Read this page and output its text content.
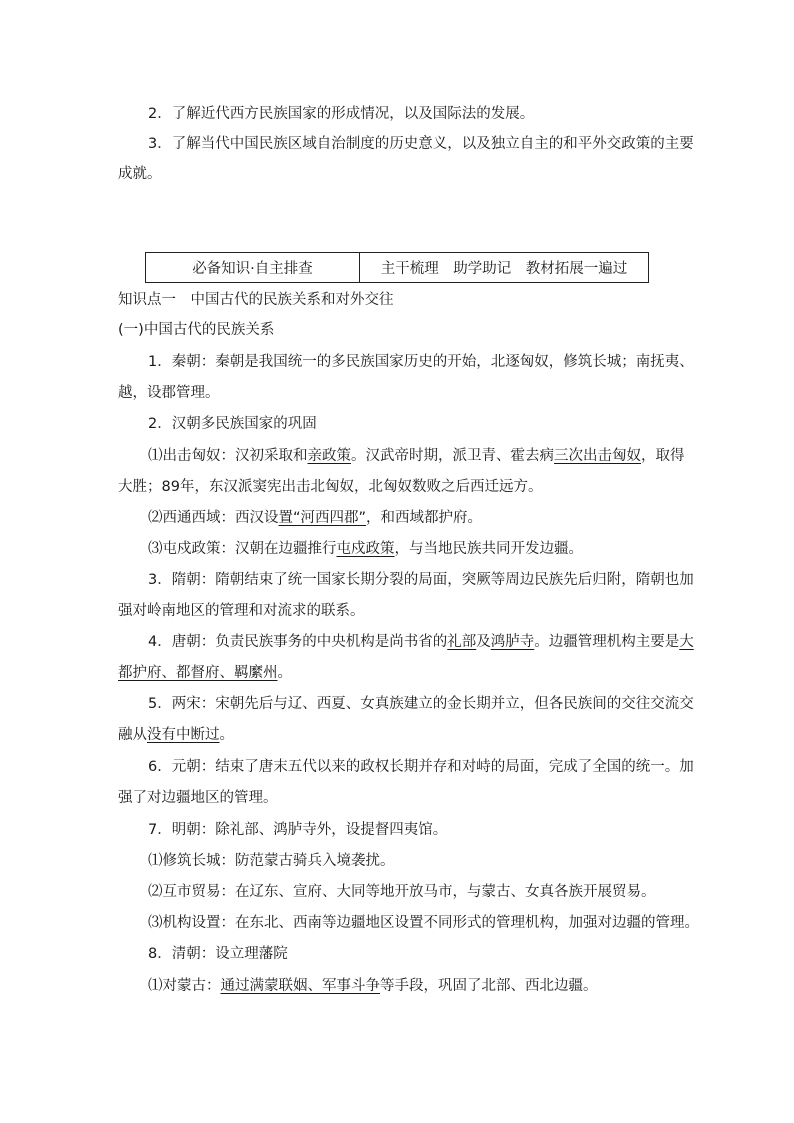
2．了解近代西方民族国家的形成情况，以及国际法的发展。
3．了解当代中国民族区域自治制度的历史意义，以及独立自主的和平外交政策的主要
成就。
必备知识·自主排查	主干梳理　助学助记　教材拓展一遍过
知识点一　中国古代的民族关系和对外交往
(一)中国古代的民族关系
1．秦朝：秦朝是我国统一的多民族国家历史的开始，北逐匈奴，修筑长城；南抚夷、
越，设郡管理。
2．汉朝多民族国家的巩固
⑴出击匈奴：汉初采取和亲政策。汉武帝时期，派卫青、霍去病三次出击匈奴，取得
大胜；89年，东汉派窦宪出击北匈奴，北匈奴数败之后西迁远方。
⑵西通西域：西汉设置“河西四郡”，和西域都护府。
⑶屯戍政策：汉朝在边疆推行屯戍政策，与当地民族共同开发边疆。
3．隋朝：隋朝结束了统一国家长期分裂的局面，突厥等周边民族先后归附，隋朝也加
强对岭南地区的管理和对流求的联系。
4．唐朝：负责民族事务的中央机构是尚书省的礼部及鸿胪寺。边疆管理机构主要是大
都护府、都督府、羁縻州。
5．两宋：宋朝先后与辽、西夏、女真族建立的金长期并立，但各民族间的交往交流交
融从没有中断过。
6．元朝：结束了唐末五代以来的政权长期并存和对峙的局面，完成了全国的统一。加
强了对边疆地区的管理。
7．明朝：除礼部、鸿胪寺外，设提督四夷馆。
⑴修筑长城：防范蒙古骑兵入境袭扰。
⑵互市贸易：在辽东、宣府、大同等地开放马市，与蒙古、女真各族开展贸易。
⑶机构设置：在东北、西南等边疆地区设置不同形式的管理机构，加强对边疆的管理。
8．清朝：设立理藩院
⑴对蒙古：通过满蒙联姻、军事斗争等手段，巩固了北部、西北边疆。
